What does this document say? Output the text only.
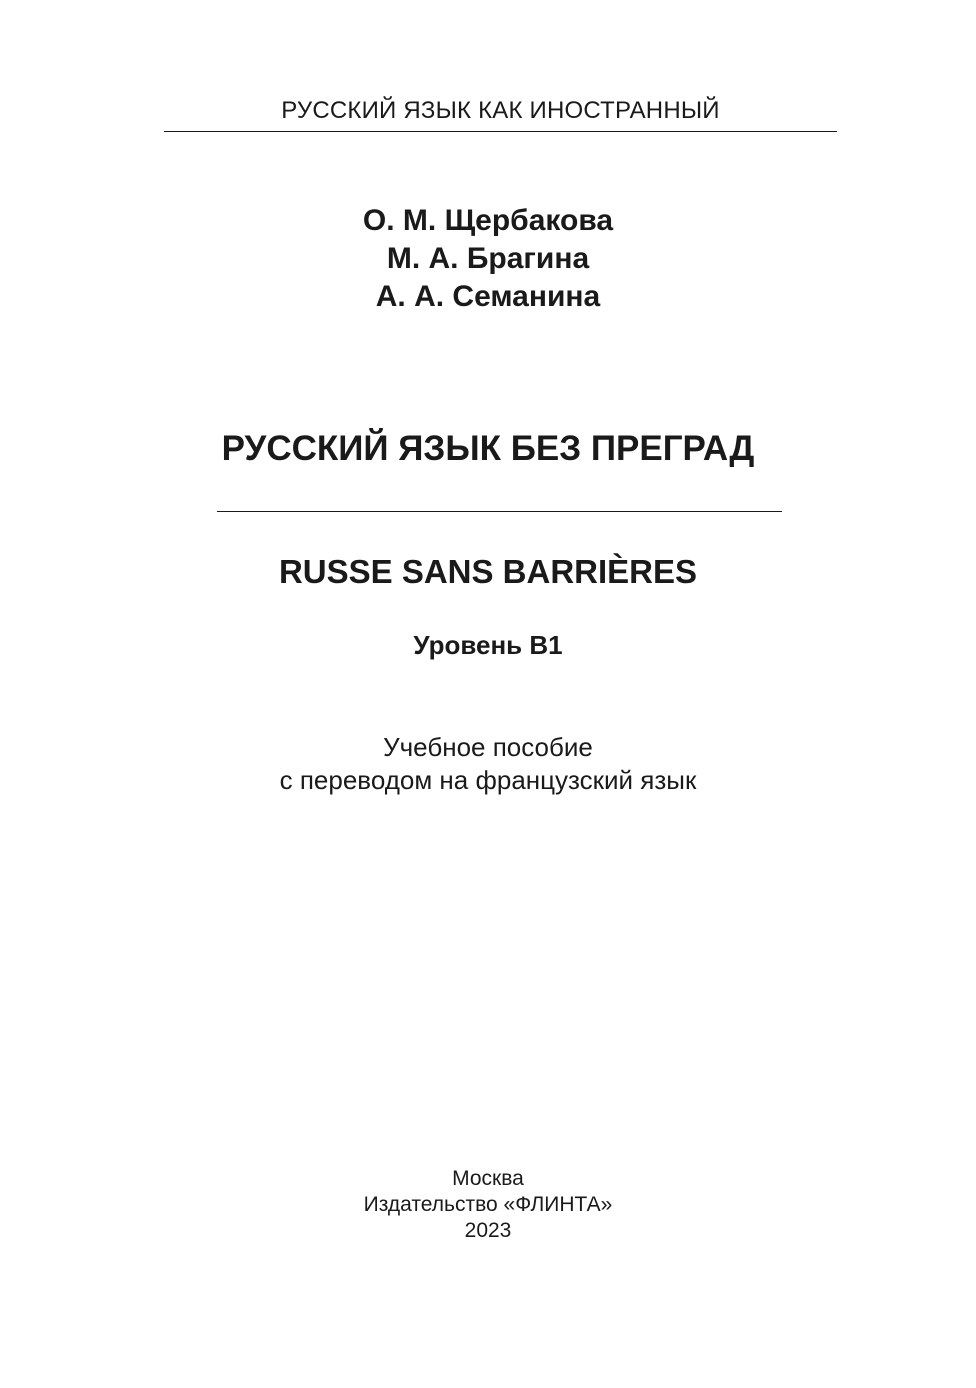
РУССКИЙ ЯЗЫК КАК ИНОСТРАННЫЙ
О. М. Щербакова
М. А. Брагина
А. А. Семанина
РУССКИЙ ЯЗЫК БЕЗ ПРЕГРАД
RUSSE SANS BARRIÈRES
Уровень B1
Учебное пособие
с переводом на французский язык
Москва
Издательство «ФЛИНТА»
2023
